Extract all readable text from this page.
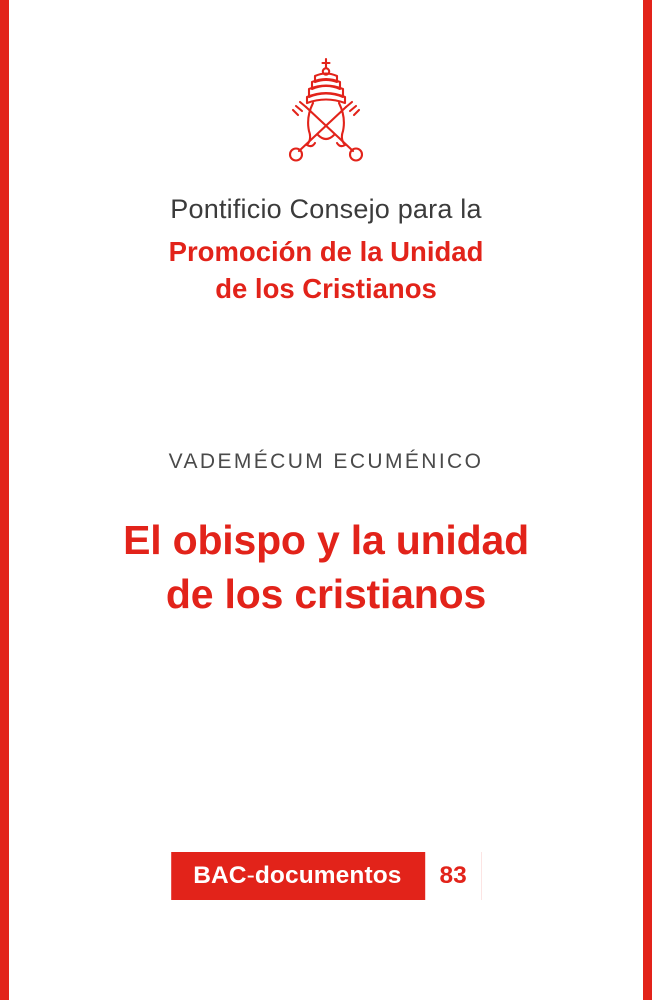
Pontificio Consejo para la
Promoción de la Unidad
de los Cristianos
VADEMÉCUM ECUMÉNICO
El obispo y la unidad
de los cristianos
BAC-documentos	83
